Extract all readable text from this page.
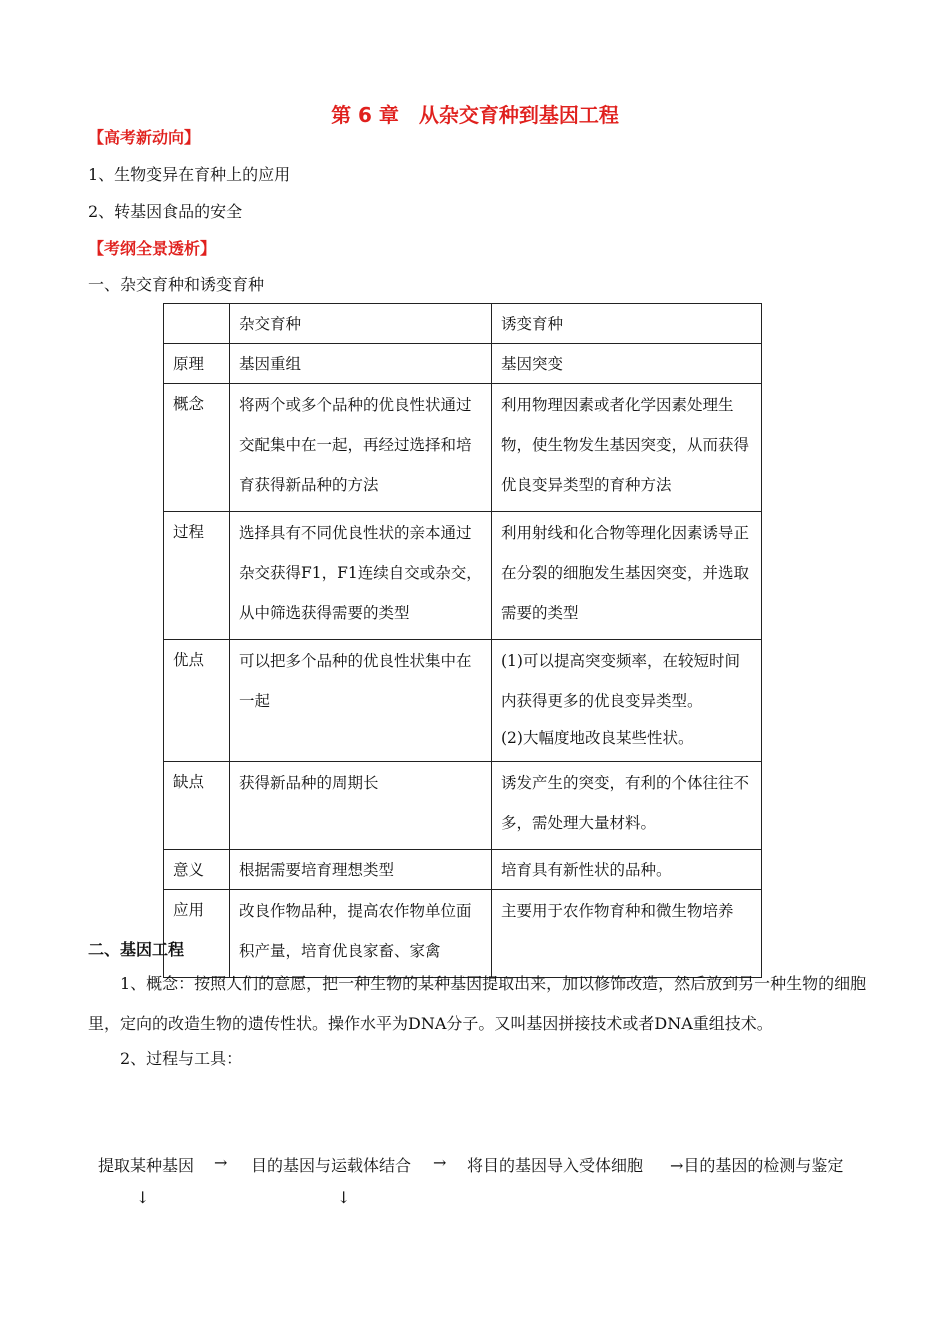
第 6 章　从杂交育种到基因工程
【高考新动向】
1、生物变异在育种上的应用
2、转基因食品的安全
【考纲全景透析】
一、杂交育种和诱变育种
	杂交育种	诱变育种
原理	基因重组	基因突变
概念	将两个或多个品种的优良性状通过交配集中在一起，再经过选择和培育获得新品种的方法	利用物理因素或者化学因素处理生物，使生物发生基因突变，从而获得优良变异类型的育种方法
过程	选择具有不同优良性状的亲本通过杂交获得F1，F1连续自交或杂交，从中筛选获得需要的类型	利用射线和化合物等理化因素诱导正在分裂的细胞发生基因突变，并选取需要的类型
优点	可以把多个品种的优良性状集中在一起	(1)可以提高突变频率，在较短时间内获得更多的优良变异类型。
(2)大幅度地改良某些性状。

缺点	获得新品种的周期长	诱发产生的突变，有利的个体往往不多，需处理大量材料。
意义	根据需要培育理想类型	培育具有新性状的品种。
应用	改良作物品种，提高农作物单位面积产量，培育优良家畜、家禽	主要用于农作物育种和微生物培养
二、基因工程
1、概念：按照人们的意愿，把一种生物的某种基因提取出来，加以修饰改造，然后放到另一种生物的细胞里，定向的改造生物的遗传性状。操作水平为DNA分子。又叫基因拼接技术或者DNA重组技术。
2、过程与工具：
提取某种基因 → 目的基因与运载体结合 → 将目的基因导入受体细胞 →目的基因的检测与鉴定
↓	↓
